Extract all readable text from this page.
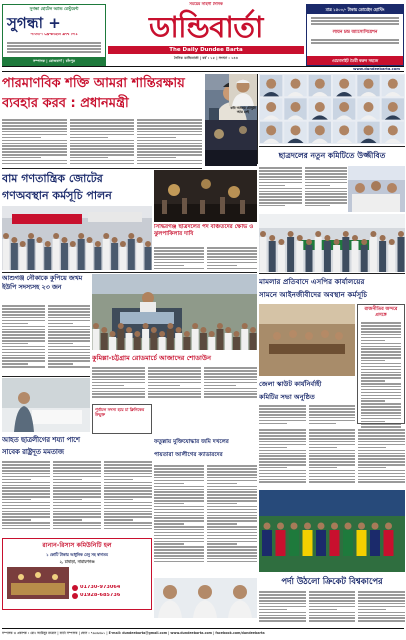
সুগন্ধা হোটেল অ্যান্ড রেস্টুরেন্ট
সুগন্ধা +
সাতাশি ফ্রেঞ্চাইজ ক্লাব লিঃ
সম্পাদক | রোজবার্গ | চাঁদপুর
সময়ের সাহসী দৈনিক
ডান্ডিবার্তা
The Daily Dundee Barta
দৈনিক ডান্ডিবার্তা | বর্ষ : ১৫ | সংখ্যা : ২৪৪
মাত্র ১৫০০/- টাকায় ডোমেইন হোস্টিং
লায়ন চন্দ্র অ্যাসোসিয়েশন
ওয়েবসাইট তৈরী করুন সহজে
www.dundeebarta.com
পারমাণবিক শক্তি আমরা শান্তিরক্ষায়
ব্যবহার করব : প্রধানমন্ত্রী	কবি আজম চৌধুরী আর নেই
ছাত্রদলের নতুন কমিটিতে উজ্জীবিত
বাম গণতান্ত্রিক জোটের
গণঅবস্থান কর্মসূচি পালন
সিদ্ধিরগঞ্জ ছাত্রদলের পদ বঞ্চিতদের ক্ষোভ ও ঝুলপাকিলার দাবি
মামলার প্রতিবাদে এসপির কার্যালয়ের
সামনে আইনজীবীদের অবস্থান কর্মসূচি
আশুগঞ্জ নৌকাকে কুপিয়ে জখম ইউপি সদস্যসহ ২৩ জন
কুমিল্লা-চট্টগ্রাম রোডমার্চে আজাদের শোডাউন
রাজনীতির অন্দরে প্রসঙ্গে
জেলা স্কাউট কার্যনির্বাহী
কমিটির সভা অনুষ্ঠিত
পূর্বাচল সদস্য হয়ে চা ক্লিনিকের উন্মুক্ত
আহত ছাত্রলীগের শয্যা পাশে
সাবেক রাষ্ট্রদূত মমতাজ
ফতুল্লায় মুক্তিযোদ্ধার জমি দখলের
পায়তারা আলীগের ক্যাডারদের
পর্দা উঠলো ক্রিকেট বিশ্বকাপের
রানান-রিসাস কমিউনিটি হল
১ কোটি টাকায় আধুনিক মেনু সহ স্বাগতম
২, চাষাড়া, নারায়ণগঞ্জ
01730-973064
01928-685736
সম্পাদক ও প্রকাশক : মোঃ আমিনুর রহমান | বার্তা সম্পাদক | ফোন : ৭৬৩৬৪৯১ | E-mail: dundeebarta@gmail.com | www.dundeebarta.com | facebook.com/dundeebarta
